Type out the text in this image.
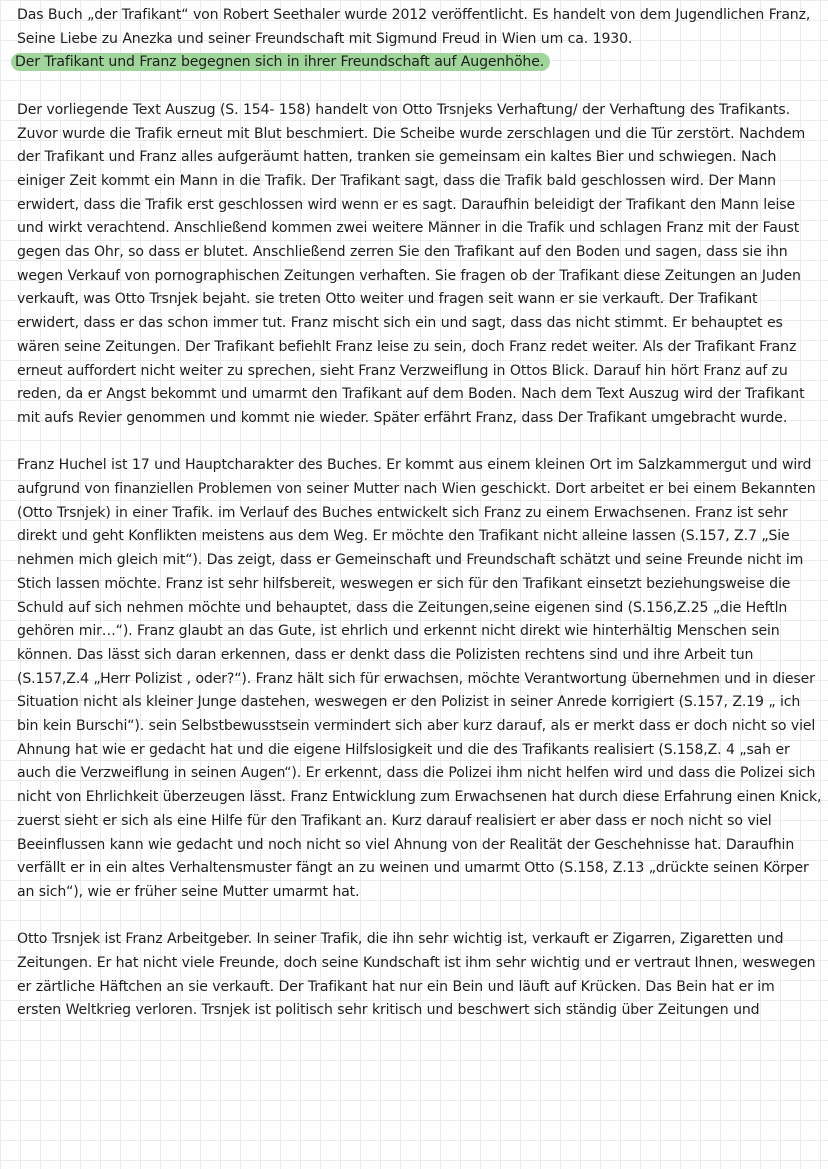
Das Buch „der Trafikant“ von Robert Seethaler wurde 2012 veröffentlicht. Es handelt von dem Jugendlichen Franz, Seine Liebe zu Anezka und seiner Freundschaft mit Sigmund Freud in Wien um ca. 1930.
Der Trafikant und Franz begegnen sich in ihrer Freundschaft auf Augenhöhe.

Der vorliegende Text Auszug (S. 154- 158) handelt von Otto Trsnjeks Verhaftung/ der Verhaftung des Trafikants. Zuvor wurde die Trafik erneut mit Blut beschmiert. Die Scheibe wurde zerschlagen und die Tür zerstört. Nachdem der Trafikant und Franz alles aufgeräumt hatten, tranken sie gemeinsam ein kaltes Bier und schwiegen. Nach einiger Zeit kommt ein Mann in die Trafik. Der Trafikant sagt, dass die Trafik bald geschlossen wird. Der Mann erwidert, dass die Trafik erst geschlossen wird wenn er es sagt. Daraufhin beleidigt der Trafikant den Mann leise und wirkt verachtend. Anschließend kommen zwei weitere Männer in die Trafik und schlagen Franz mit der Faust gegen das Ohr, so dass er blutet. Anschließend zerren Sie den Trafikant auf den Boden und sagen, dass sie ihn wegen Verkauf von pornographischen Zeitungen verhaften. Sie fragen ob der Trafikant diese Zeitungen an Juden verkauft, was Otto Trsnjek bejaht. sie treten Otto weiter und fragen seit wann er sie verkauft. Der Trafikant erwidert, dass er das schon immer tut. Franz mischt sich ein und sagt, dass das nicht stimmt. Er behauptet es wären seine Zeitungen. Der Trafikant befiehlt Franz leise zu sein, doch Franz redet weiter. Als der Trafikant Franz erneut auffordert nicht weiter zu sprechen, sieht Franz Verzweiflung in Ottos Blick. Darauf hin hört Franz auf zu reden, da er Angst bekommt und umarmt den Trafikant auf dem Boden. Nach dem Text Auszug wird der Trafikant mit aufs Revier genommen und kommt nie wieder. Später erfährt Franz, dass Der Trafikant umgebracht wurde.

Franz Huchel ist 17 und Hauptcharakter des Buches. Er kommt aus einem kleinen Ort im Salzkammergut und wird aufgrund von finanziellen Problemen von seiner Mutter nach Wien geschickt. Dort arbeitet er bei einem Bekannten (Otto Trsnjek) in einer Trafik. im Verlauf des Buches entwickelt sich Franz zu einem Erwachsenen. Franz ist sehr direkt und geht Konflikten meistens aus dem Weg. Er möchte den Trafikant nicht alleine lassen (S.157, Z.7 „Sie nehmen mich gleich mit“). Das zeigt, dass er Gemeinschaft und Freundschaft schätzt und seine Freunde nicht im Stich lassen möchte. Franz ist sehr hilfsbereit, weswegen er sich für den Trafikant einsetzt beziehungsweise die Schuld auf sich nehmen möchte und behauptet, dass die Zeitungen,seine eigenen sind (S.156,Z.25 „die Heftln gehören mir…“). Franz glaubt an das Gute, ist ehrlich und erkennt nicht direkt wie hinterhältig Menschen sein können. Das lässt sich daran erkennen, dass er denkt dass die Polizisten rechtens sind und ihre Arbeit tun (S.157,Z.4 „Herr Polizist , oder?“). Franz hält sich für erwachsen, möchte Verantwortung übernehmen und in dieser Situation nicht als kleiner Junge dastehen, weswegen er den Polizist in seiner Anrede korrigiert (S.157, Z.19 „ ich bin kein Burschi“). sein Selbstbewusstsein vermindert sich aber kurz darauf, als er merkt dass er doch nicht so viel Ahnung hat wie er gedacht hat und die eigene Hilfslosigkeit und die des Trafikants realisiert (S.158,Z. 4 „sah er auch die Verzweiflung in seinen Augen“). Er erkennt, dass die Polizei ihm nicht helfen wird und dass die Polizei sich nicht von Ehrlichkeit überzeugen lässt. Franz Entwicklung zum Erwachsenen hat durch diese Erfahrung einen Knick, zuerst sieht er sich als eine Hilfe für den Trafikant an. Kurz darauf realisiert er aber dass er noch nicht so viel Beeinflussen kann wie gedacht und noch nicht so viel Ahnung von der Realität der Geschehnisse hat. Daraufhin verfällt er in ein altes Verhaltensmuster fängt an zu weinen und umarmt Otto (S.158, Z.13 „drückte seinen Körper an sich“), wie er früher seine Mutter umarmt hat.

Otto Trsnjek ist Franz Arbeitgeber. In seiner Trafik, die ihn sehr wichtig ist, verkauft er Zigarren, Zigaretten und Zeitungen. Er hat nicht viele Freunde, doch seine Kundschaft ist ihm sehr wichtig und er vertraut Ihnen, weswegen er zärtliche Häftchen an sie verkauft. Der Trafikant hat nur ein Bein und läuft auf Krücken. Das Bein hat er im ersten Weltkrieg verloren. Trsnjek ist politisch sehr kritisch und beschwert sich ständig über Zeitungen und
